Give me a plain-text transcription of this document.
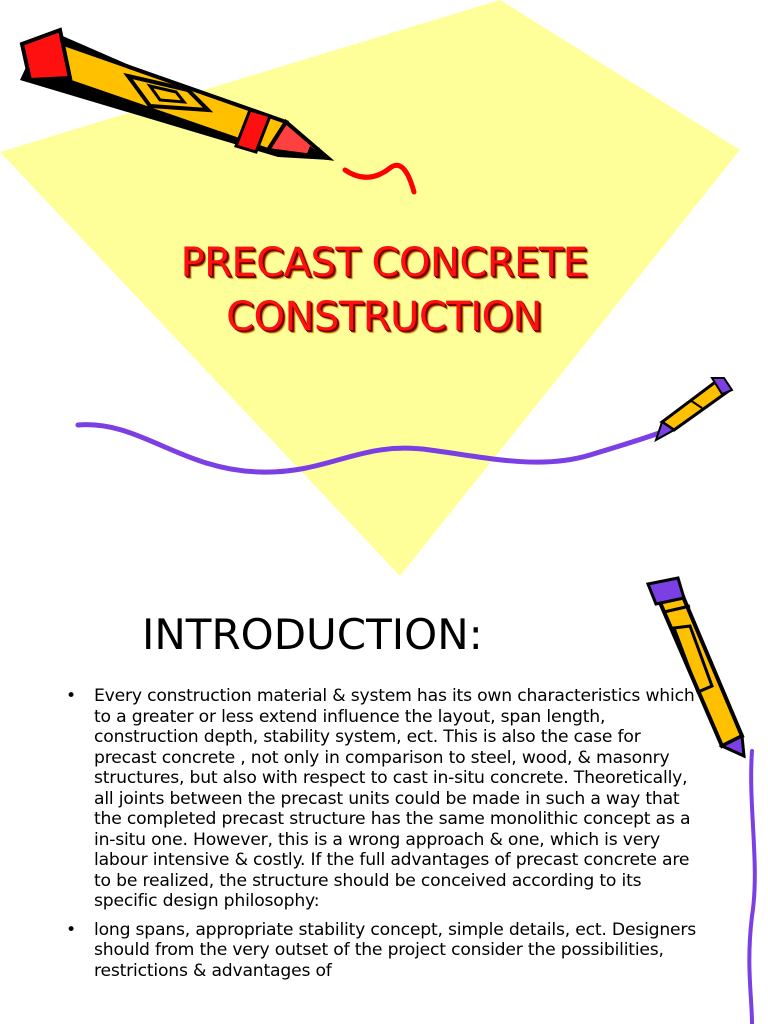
PRECAST CONCRETE
CONSTRUCTION
INTRODUCTION:
• Every construction material & system has its own characteristics which to a greater or less extend influence the layout, span length, construction depth, stability system, ect. This is also the case for precast concrete , not only in comparison to steel, wood, & masonry structures, but also with respect to cast in-situ concrete. Theoretically, all joints between the precast units could be made in such a way that the completed precast structure has the same monolithic concept as a in-situ one. However, this is a wrong approach & one, which is very labour intensive & costly. If the full advantages of precast concrete are to be realized, the structure should be conceived according to its specific design philosophy:
• long spans, appropriate stability concept, simple details, ect. Designers should from the very outset of the project consider the possibilities, restrictions & advantages of
